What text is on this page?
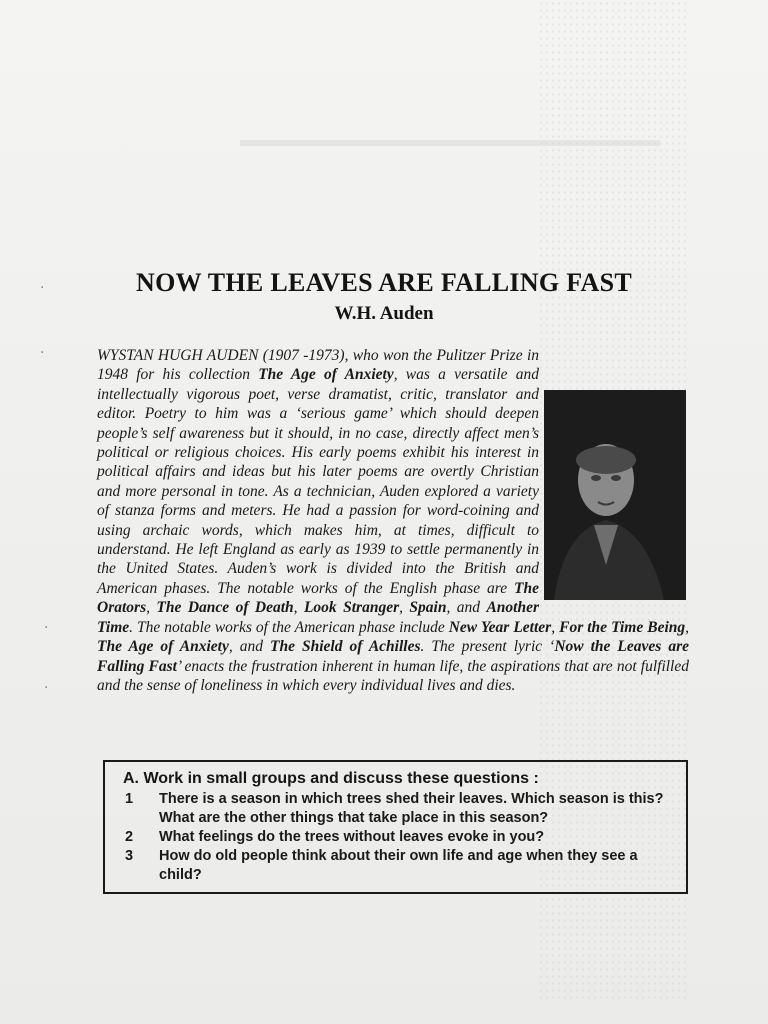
NOW THE LEAVES ARE FALLING FAST
W.H. Auden
WYSTAN HUGH AUDEN (1907 -1973), who won the Pulitzer Prize in 1948 for his collection The Age of Anxiety, was a versatile and intellectually vigorous poet, verse dramatist, critic, translator and editor. Poetry to him was a ‘serious game’ which should deepen people’s self awareness but it should, in no case, directly affect men’s political or religious choices. His early poems exhibit his interest in political affairs and ideas but his later poems are overtly Christian and more personal in tone. As a technician, Auden explored a variety of stanza forms and meters. He had a passion for word-coining and using archaic words, which makes him, at times, difficult to understand. He left England as early as 1939 to settle permanently in the United States. Auden’s work is divided into the British and American phases. The notable works of the English phase are The Orators, The Dance of Death, Look Stranger, Spain, and Another Time. The notable works of the American phase include New Year Letter, For the Time Being, The Age of Anxiety, and The Shield of Achilles. The present lyric ‘Now the Leaves are Falling Fast’ enacts the frustration inherent in human life, the aspirations that are not fulfilled and the sense of loneliness in which every individual lives and dies.
A. Work in small groups and discuss these questions :
1	There is a season in which trees shed their leaves. Which season is this? What are the other things that take place in this season?
2	What feelings do the trees without leaves evoke in you?
3	How do old people think about their own life and age when they see a child?
·
·
·
·
